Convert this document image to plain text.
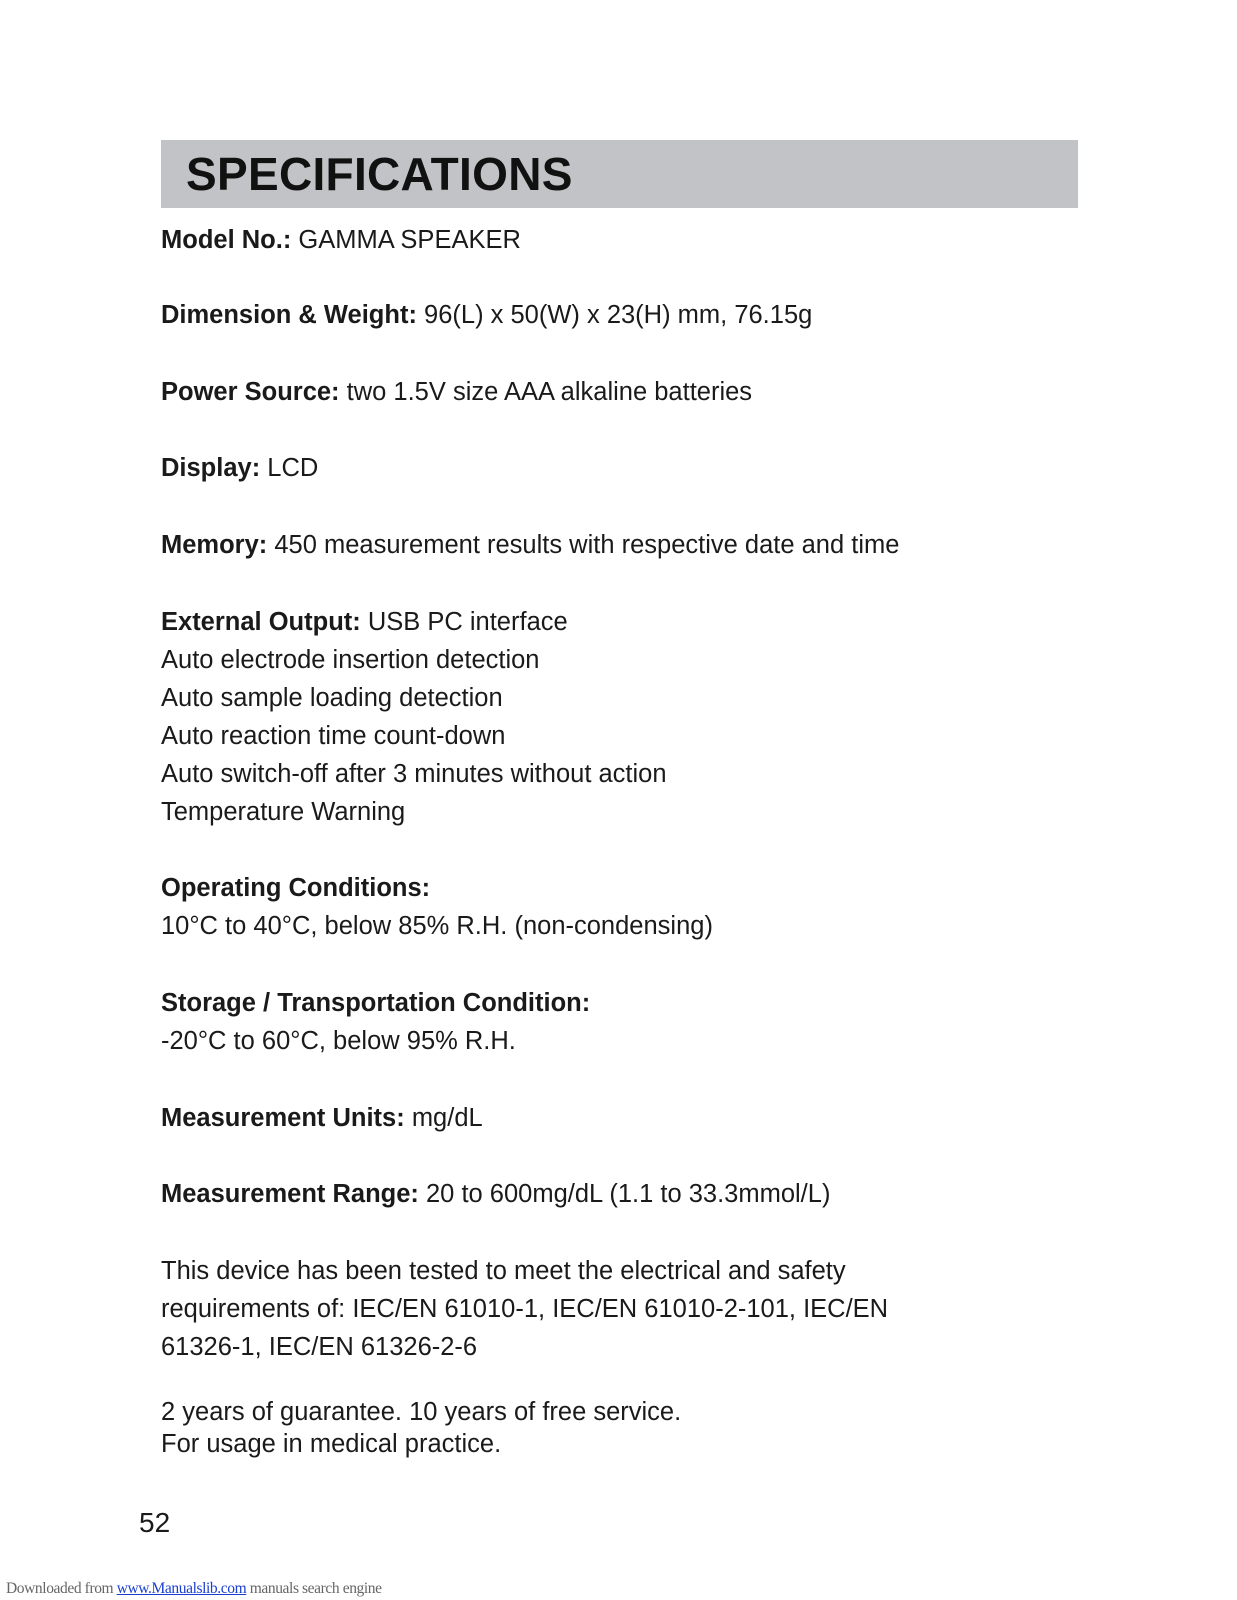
SPECIFICATIONS
Model No.: GAMMA SPEAKER
Dimension & Weight: 96(L) x 50(W) x 23(H) mm, 76.15g
Power Source: two 1.5V size AAA alkaline batteries
Display: LCD
Memory: 450 measurement results with respective date and time
External Output: USB PC interface
Auto electrode insertion detection
Auto sample loading detection
Auto reaction time count-down
Auto switch-off after 3 minutes without action
Temperature Warning
Operating Conditions:
10°C to 40°C, below 85% R.H. (non-condensing)
Storage / Transportation Condition:
-20°C to 60°C, below 95% R.H.
Measurement Units: mg/dL
Measurement Range: 20 to 600mg/dL (1.1 to 33.3mmol/L)
This device has been tested to meet the electrical and safety
requirements of: IEC/EN 61010-1, IEC/EN 61010-2-101, IEC/EN
61326-1, IEC/EN 61326-2-6
2 years of guarantee. 10 years of free service.
For usage in medical practice.
52
Downloaded from www.Manualslib.com manuals search engine
